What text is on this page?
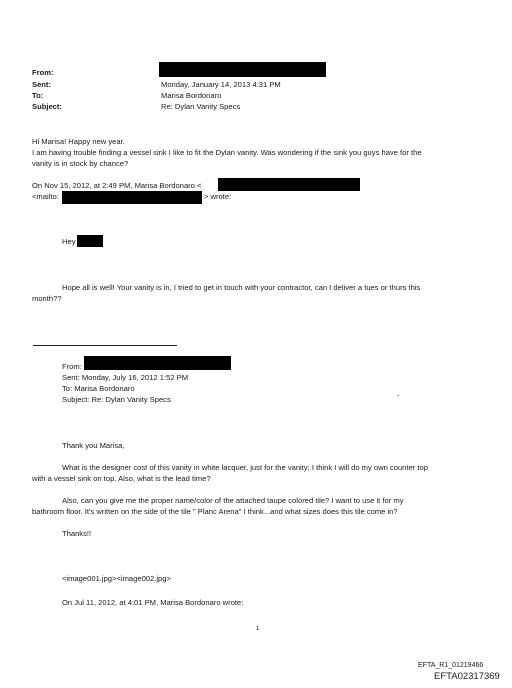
From:
Sent:	Monday, January 14, 2013 4:31 PM
To:	Marisa Bordonaro
Subject:	Re: Dylan Vanity Specs
Hi Marisa! Happy new year.
I am having trouble finding a vessel sink I like to fit the Dylan vanity. Was wondering if the sink you guys have for the
vanity is in stock by chance?
On Nov 15, 2012, at 2:49 PM, Marisa Bordonaro <
<mailto:	> wrote:
Hey
Hope all is well! Your vanity is in, I tried to get in touch with your contractor, can I deliver a tues or thurs this
month??
From:
Sent: Monday, July 16, 2012 1:52 PM
To: Marisa Bordonaro
Subject: Re: Dylan Vanity Specs	-
Thank you Marisa,
What is the designer cost of this vanity in white lacquer, just for the vanity; I think I will do my own counter top
with a vessel sink on top. Also, what is the lead time?
Also, can you give me the proper name/color of the attached taupe colored tile? I want to use it for my
bathroom floor. It's written on the side of the tile " Planc Arena" I think...and what sizes does this tile come in?
Thanks!!
<image001.jpg><image002.jpg>
On Jul 11, 2012, at 4:01 PM, Marisa Bordonaro wrote:
1
EFTA_R1_01219466
EFTA02317369
